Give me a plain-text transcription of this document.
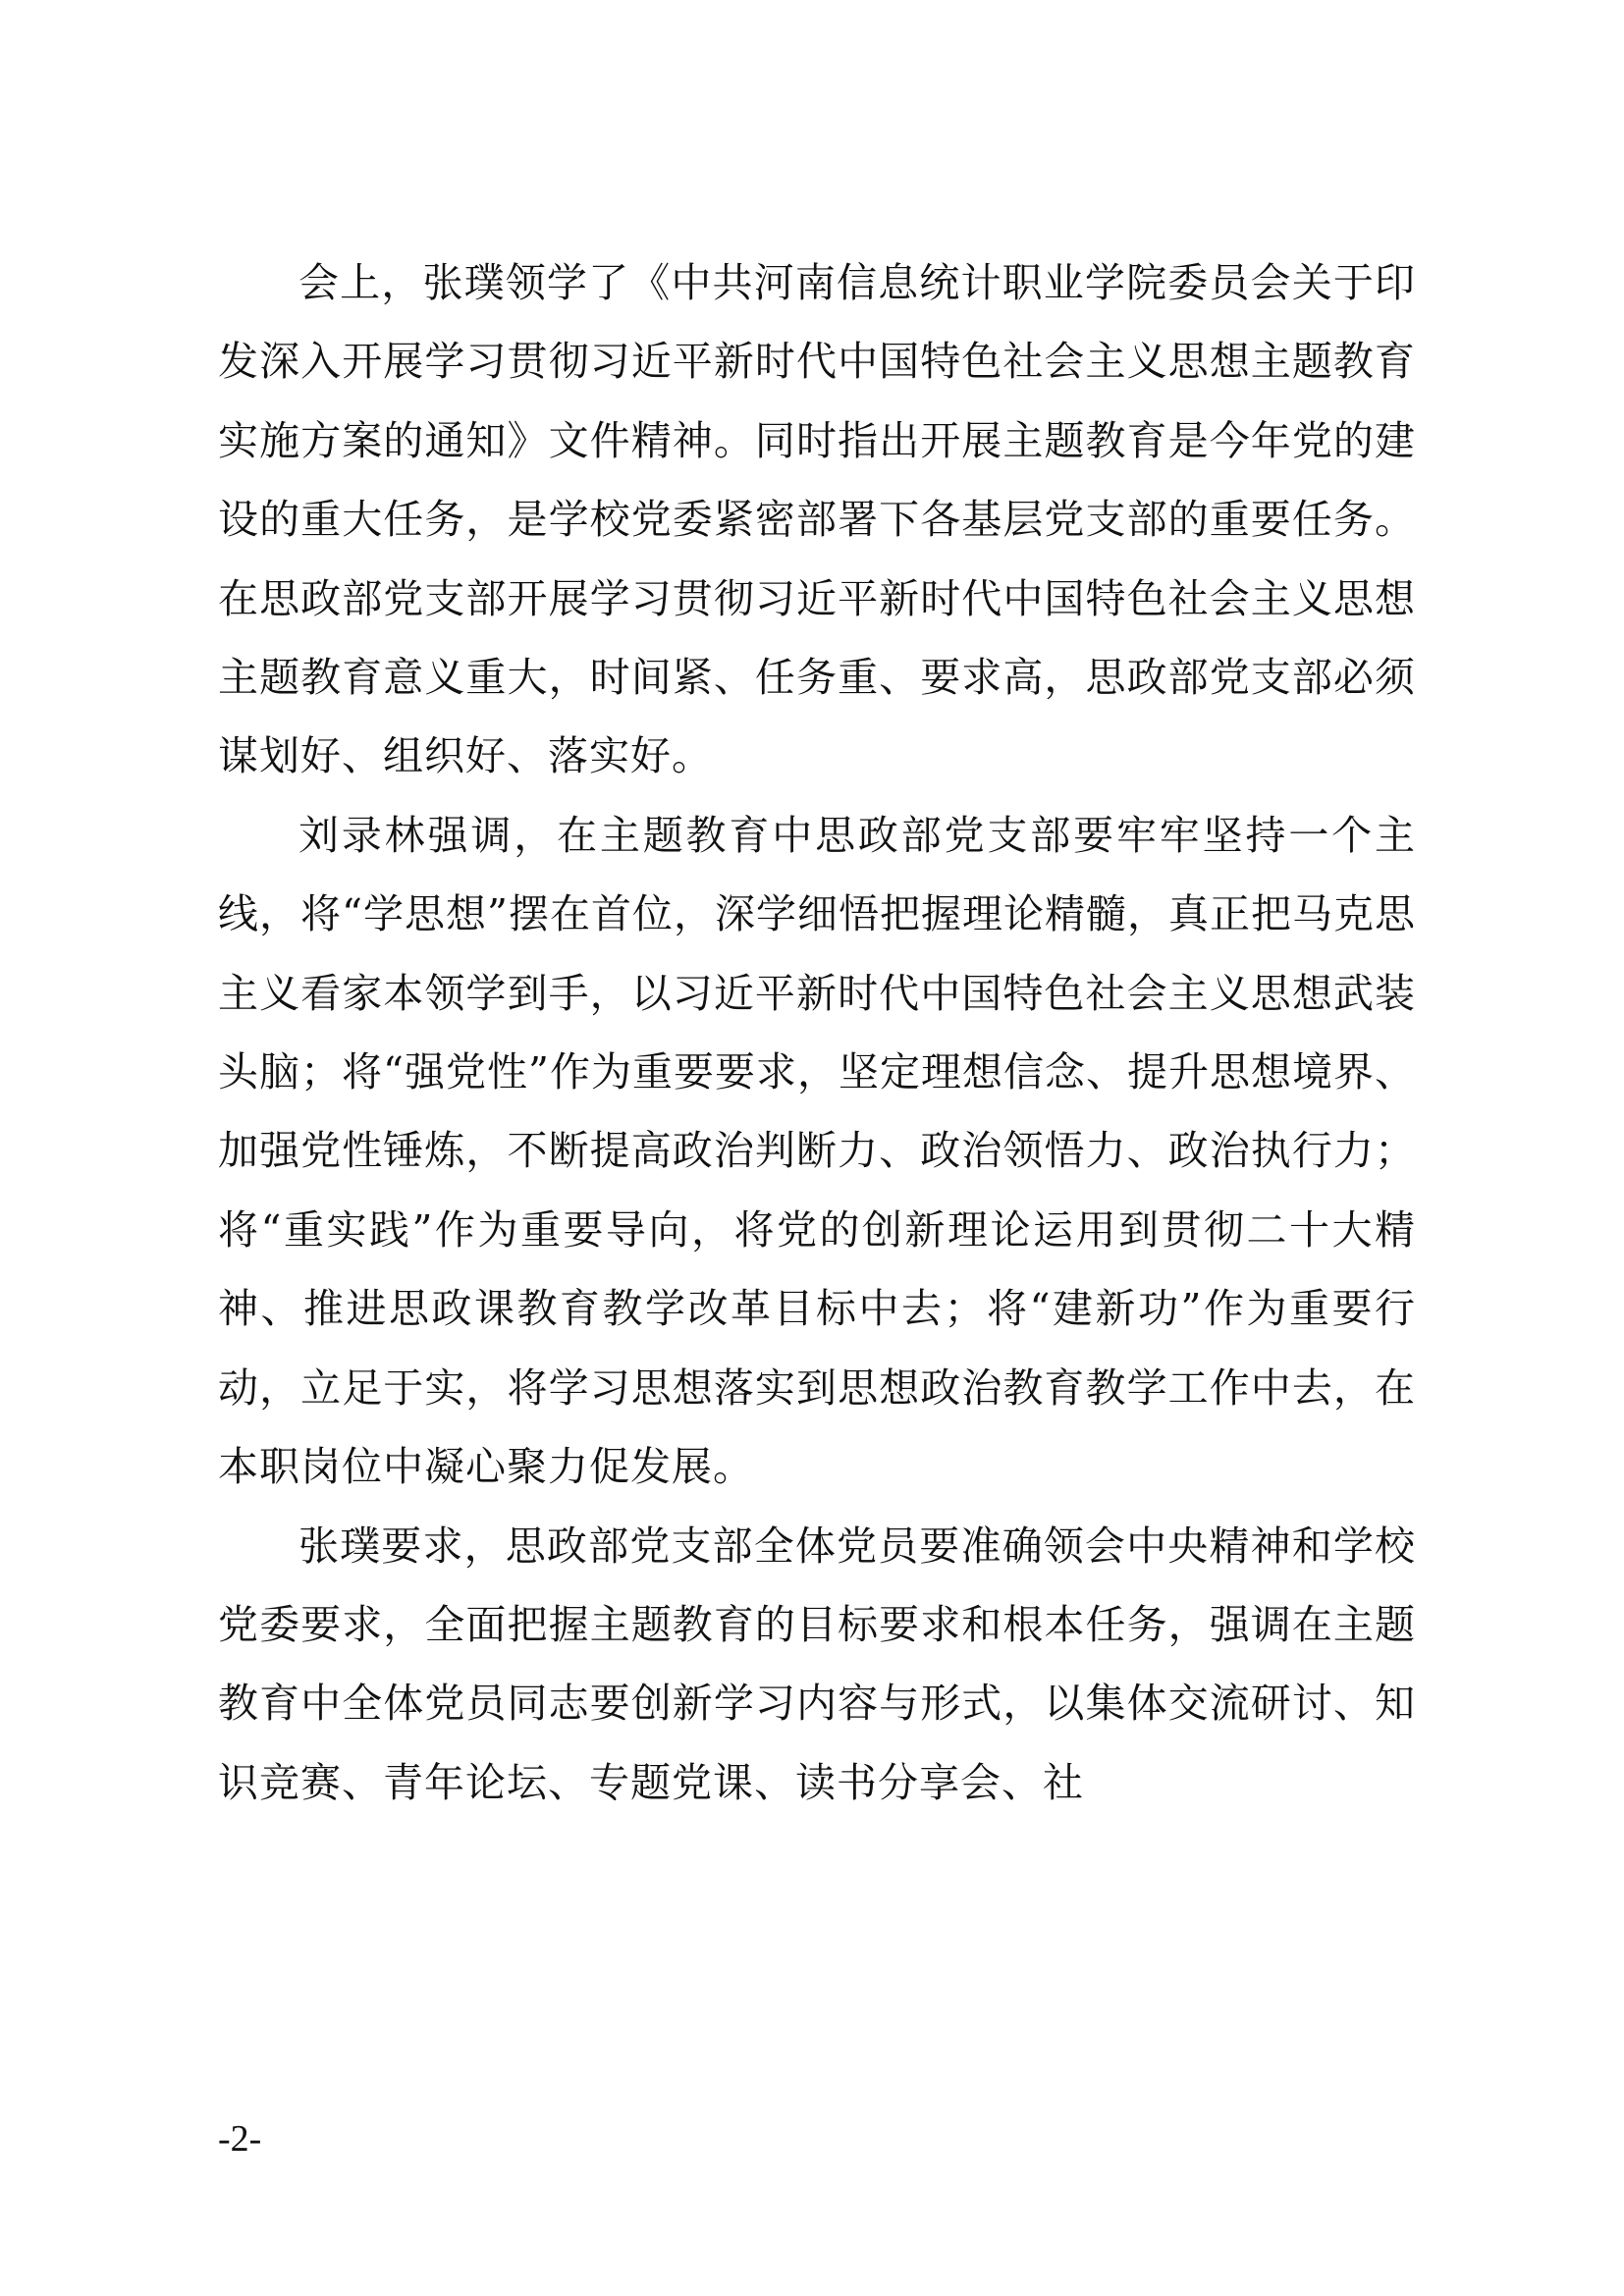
会上，张璞领学了《中共河南信息统计职业学院委员会关于印发深入开展学习贯彻习近平新时代中国特色社会主义思想主题教育实施方案的通知》文件精神。同时指出开展主题教育是今年党的建设的重大任务，是学校党委紧密部署下各基层党支部的重要任务。在思政部党支部开展学习贯彻习近平新时代中国特色社会主义思想主题教育意义重大，时间紧、任务重、要求高，思政部党支部必须谋划好、组织好、落实好。

刘录林强调，在主题教育中思政部党支部要牢牢坚持一个主线，将“学思想”摆在首位，深学细悟把握理论精髓，真正把马克思主义看家本领学到手，以习近平新时代中国特色社会主义思想武装头脑；将“强党性”作为重要要求，坚定理想信念、提升思想境界、加强党性锤炼，不断提高政治判断力、政治领悟力、政治执行力；将“重实践”作为重要导向，将党的创新理论运用到贯彻二十大精神、推进思政课教育教学改革目标中去；将“建新功”作为重要行动，立足于实，将学习思想落实到思想政治教育教学工作中去，在本职岗位中凝心聚力促发展。

张璞要求，思政部党支部全体党员要准确领会中央精神和学校党委要求，全面把握主题教育的目标要求和根本任务，强调在主题教育中全体党员同志要创新学习内容与形式，以集体交流研讨、知识竞赛、青年论坛、专题党课、读书分享会、社

-2-
